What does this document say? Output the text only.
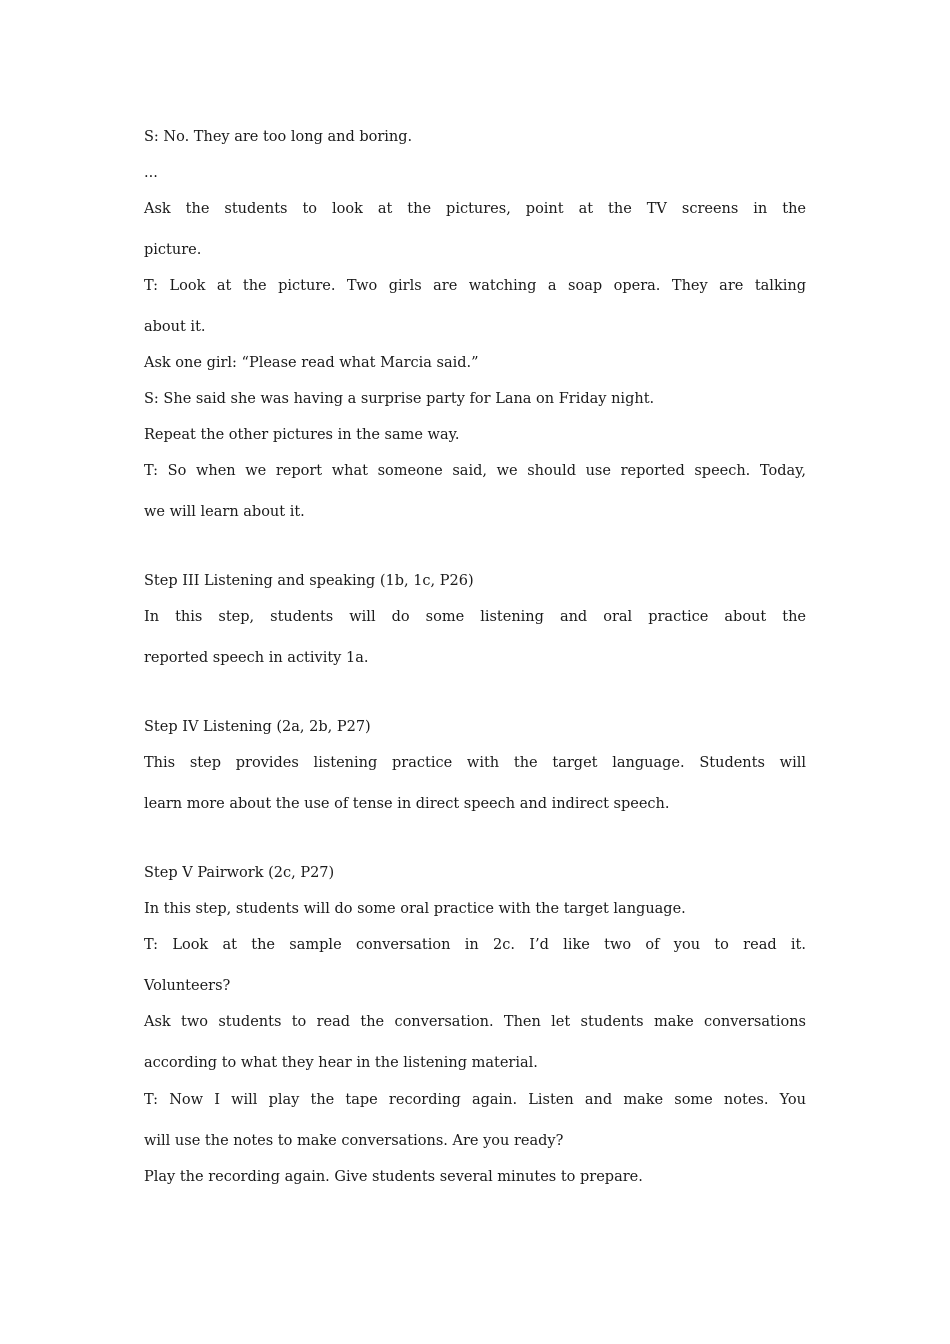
S: No. They are too long and boring.
...
Ask the students to look at the pictures, point at the TV screens in the
picture.
T: Look at the picture. Two girls are watching a soap opera. They are talking
about it.
Ask one girl: “Please read what Marcia said.”
S: She said she was having a surprise party for Lana on Friday night.
Repeat the other pictures in the same way.
T: So when we report what someone said, we should use reported speech. Today,
we will learn about it.
Step III Listening and speaking (1b, 1c, P26)
In this step, students will do some listening and oral practice about the
reported speech in activity 1a.
Step IV Listening (2a, 2b, P27)
This step provides listening practice with the target language. Students will
learn more about the use of tense in direct speech and indirect speech.
Step V Pairwork (2c, P27)
In this step, students will do some oral practice with the target language.
T: Look at the sample conversation in 2c. I’d like two of you to read it.
Volunteers?
Ask two students to read the conversation. Then let students make conversations
according to what they hear in the listening material.
T: Now I will play the tape recording again. Listen and make some notes. You
will use the notes to make conversations. Are you ready?
Play the recording again. Give students several minutes to prepare.
